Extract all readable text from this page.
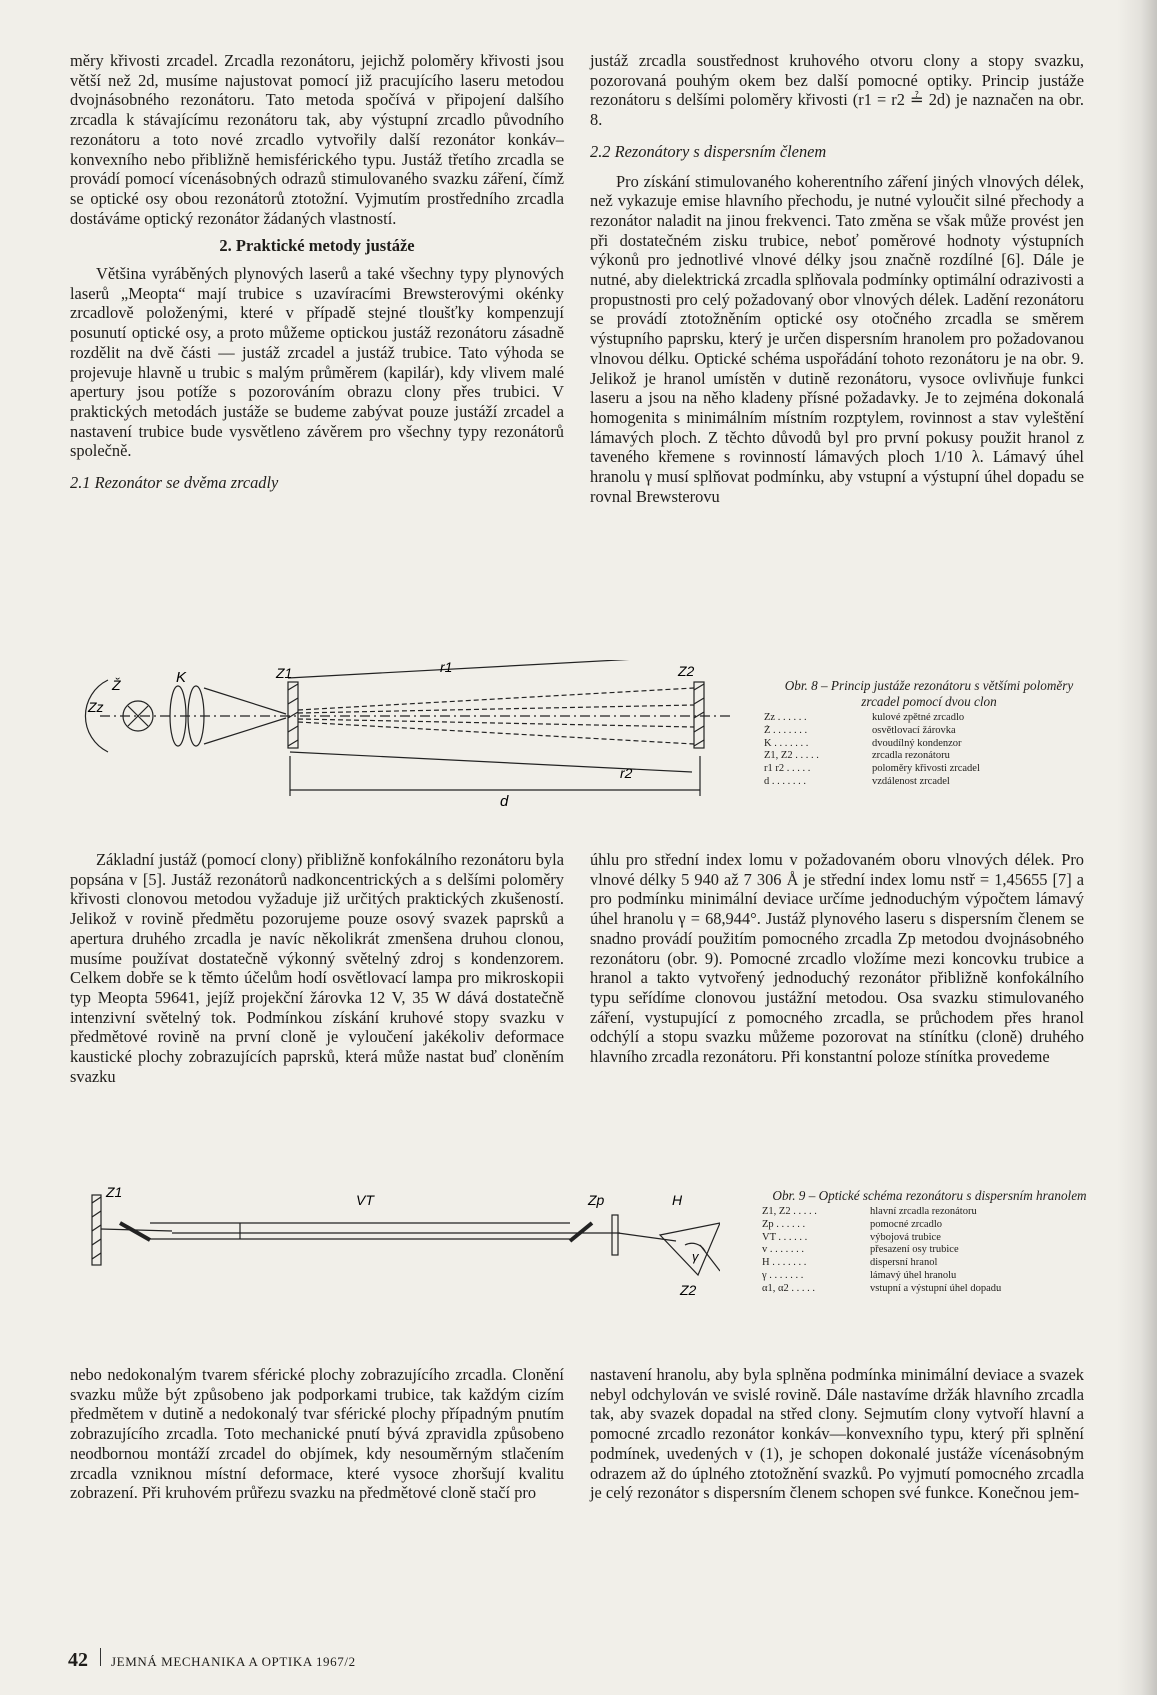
měry křivosti zrcadel. Zrcadla rezonátoru, jejichž poloměry křivosti jsou větší než 2d, musíme najustovat pomocí již pracujícího laseru metodou dvojnásobného rezonátoru. Tato metoda spočívá v připojení dalšího zrcadla k stávajícímu rezonátoru tak, aby výstupní zrcadlo původního rezonátoru a toto nové zrcadlo vytvořily další rezonátor konkáv–konvexního nebo přibližně hemisférického typu. Justáž třetího zrcadla se provádí pomocí vícenásobných odrazů stimulovaného svazku záření, čímž se optické osy obou rezonátorů ztotožní. Vyjmutím prostředního zrcadla dostáváme optický rezonátor žádaných vlastností.

2. Praktické metody justáže

Většina vyráběných plynových laserů a také všechny typy plynových laserů „Meopta“ mají trubice s uzavíracími Brewsterovými okénky zrcadlově položenými, které v případě stejné tloušťky kompenzují posunutí optické osy, a proto můžeme optickou justáž rezonátoru zásadně rozdělit na dvě části — justáž zrcadel a justáž trubice. Tato výhoda se projevuje hlavně u trubic s malým průměrem (kapilár), kdy vlivem malé apertury jsou potíže s pozorováním obrazu clony přes trubici. V praktických metodách justáže se budeme zabývat pouze justáží zrcadel a nastavení trubice bude vysvětleno závěrem pro všechny typy rezonátorů společně.

2.1 Rezonátor se dvěma zrcadly

justáž zrcadla soustřednost kruhového otvoru clony a stopy svazku, pozorovaná pouhým okem bez další pomocné optiky. Princip justáže rezonátoru s delšími poloměry křivosti (r1 = r2 ≟ 2d) je naznačen na obr. 8.

2.2 Rezonátory s dispersním členem

Pro získání stimulovaného koherentního záření jiných vlnových délek, než vykazuje emise hlavního přechodu, je nutné vyloučit silné přechody a rezonátor naladit na jinou frekvenci. Tato změna se však může provést jen při dostatečném zisku trubice, neboť poměrové hodnoty výstupních výkonů pro jednotlivé vlnové délky jsou značně rozdílné [6]. Dále je nutné, aby dielektrická zrcadla splňovala podmínky optimální odrazivosti a propustnosti pro celý požadovaný obor vlnových délek. Ladění rezonátoru se provádí ztotožněním optické osy otočného zrcadla se směrem výstupního paprsku, který je určen dispersním hranolem pro požadovanou vlnovou délku. Optické schéma uspořádání tohoto rezonátoru je na obr. 9. Jelikož je hranol umístěn v dutině rezonátoru, vysoce ovlivňuje funkci laseru a jsou na něho kladeny přísné požadavky. Je to zejména dokonalá homogenita s minimálním místním rozptylem, rovinnost a stav vyleštění lámavých ploch. Z těchto důvodů byl pro první pokusy použit hranol z taveného křemene s rovinností lámavých ploch 1/10 λ. Lámavý úhel hranolu γ musí splňovat podmínku, aby vstupní a výstupní úhel dopadu se rovnal Brewsterovu

Zz
Ž	K	Z1	Z2
r1
r2
d
Obr. 8 – Princip justáže rezonátoru s většími poloměry zrcadel pomocí dvou clon
Zz . . . . . .	kulové zpětné zrcadlo
Ž . . . . . . .	osvětlovací žárovka
K . . . . . . .	dvoudílný kondenzor
Z1, Z2 . . . . .	zrcadla rezonátoru
r1 r2 . . . . .	poloměry křivosti zrcadel
d . . . . . . .	vzdálenost zrcadel

Základní justáž (pomocí clony) přibližně konfokálního rezonátoru byla popsána v [5]. Justáž rezonátorů nadkoncentrických a s delšími poloměry křivosti clonovou metodou vyžaduje již určitých praktických zkušeností. Jelikož v rovině předmětu pozorujeme pouze osový svazek paprsků a apertura druhého zrcadla je navíc několikrát zmenšena druhou clonou, musíme používat dostatečně výkonný světelný zdroj s kondenzorem. Celkem dobře se k těmto účelům hodí osvětlovací lampa pro mikroskopii typ Meopta 59641, jejíž projekční žárovka 12 V, 35 W dává dostatečně intenzivní světelný tok. Podmínkou získání kruhové stopy svazku v předmětové rovině na první cloně je vyloučení jakékoliv deformace kaustické plochy zobrazujících paprsků, která může nastat buď cloněním svazku

úhlu pro střední index lomu v požadovaném oboru vlnových délek. Pro vlnové délky 5 940 až 7 306 Å je střední index lomu nstř = 1,45655 [7] a pro podmínku minimální deviace určíme jednoduchým výpočtem lámavý úhel hranolu γ = 68,944°. Justáž plynového laseru s dispersním členem se snadno provádí použitím pomocného zrcadla Zp metodou dvojnásobného rezonátoru (obr. 9). Pomocné zrcadlo vložíme mezi koncovku trubice a hranol a takto vytvořený jednoduchý rezonátor přibližně konfokálního typu seřídíme clonovou justážní metodou. Osa svazku stimulovaného záření, vystupující z pomocného zrcadla, se průchodem přes hranol odchýlí a stopu svazku můžeme pozorovat na stínítku (cloně) druhého hlavního zrcadla rezonátoru. Při konstantní poloze stínítka provedeme

Z1	VT	Zp	H
γ
Z2
Obr. 9 – Optické schéma rezonátoru s dispersním hranolem
Z1, Z2 . . . . .	hlavní zrcadla rezonátoru
Zp . . . . . .	pomocné zrcadlo
VT . . . . . .	výbojová trubice
v . . . . . . .	přesazení osy trubice
H . . . . . . .	dispersní hranol
γ . . . . . . .	lámavý úhel hranolu
α1, α2 . . . . .	vstupní a výstupní úhel dopadu

nebo nedokonalým tvarem sférické plochy zobrazujícího zrcadla. Clonění svazku může být způsobeno jak podporkami trubice, tak každým cizím předmětem v dutině a nedokonalý tvar sférické plochy případným pnutím zobrazujícího zrcadla. Toto mechanické pnutí bývá zpravidla způsobeno neodbornou montáží zrcadel do objímek, kdy nesouměrným stlačením zrcadla vzniknou místní deformace, které vysoce zhoršují kvalitu zobrazení. Při kruhovém průřezu svazku na předmětové cloně stačí pro

nastavení hranolu, aby byla splněna podmínka minimální deviace a svazek nebyl odchylován ve svislé rovině. Dále nastavíme držák hlavního zrcadla tak, aby svazek dopadal na střed clony. Sejmutím clony vytvoří hlavní a pomocné zrcadlo rezonátor konkáv—konvexního typu, který při splnění podmínek, uvedených v (1), je schopen dokonalé justáže vícenásobným odrazem až do úplného ztotožnění svazků. Po vyjmutí pomocného zrcadla je celý rezonátor s dispersním členem schopen své funkce. Konečnou jem-

42 JEMNÁ MECHANIKA A OPTIKA 1967/2
